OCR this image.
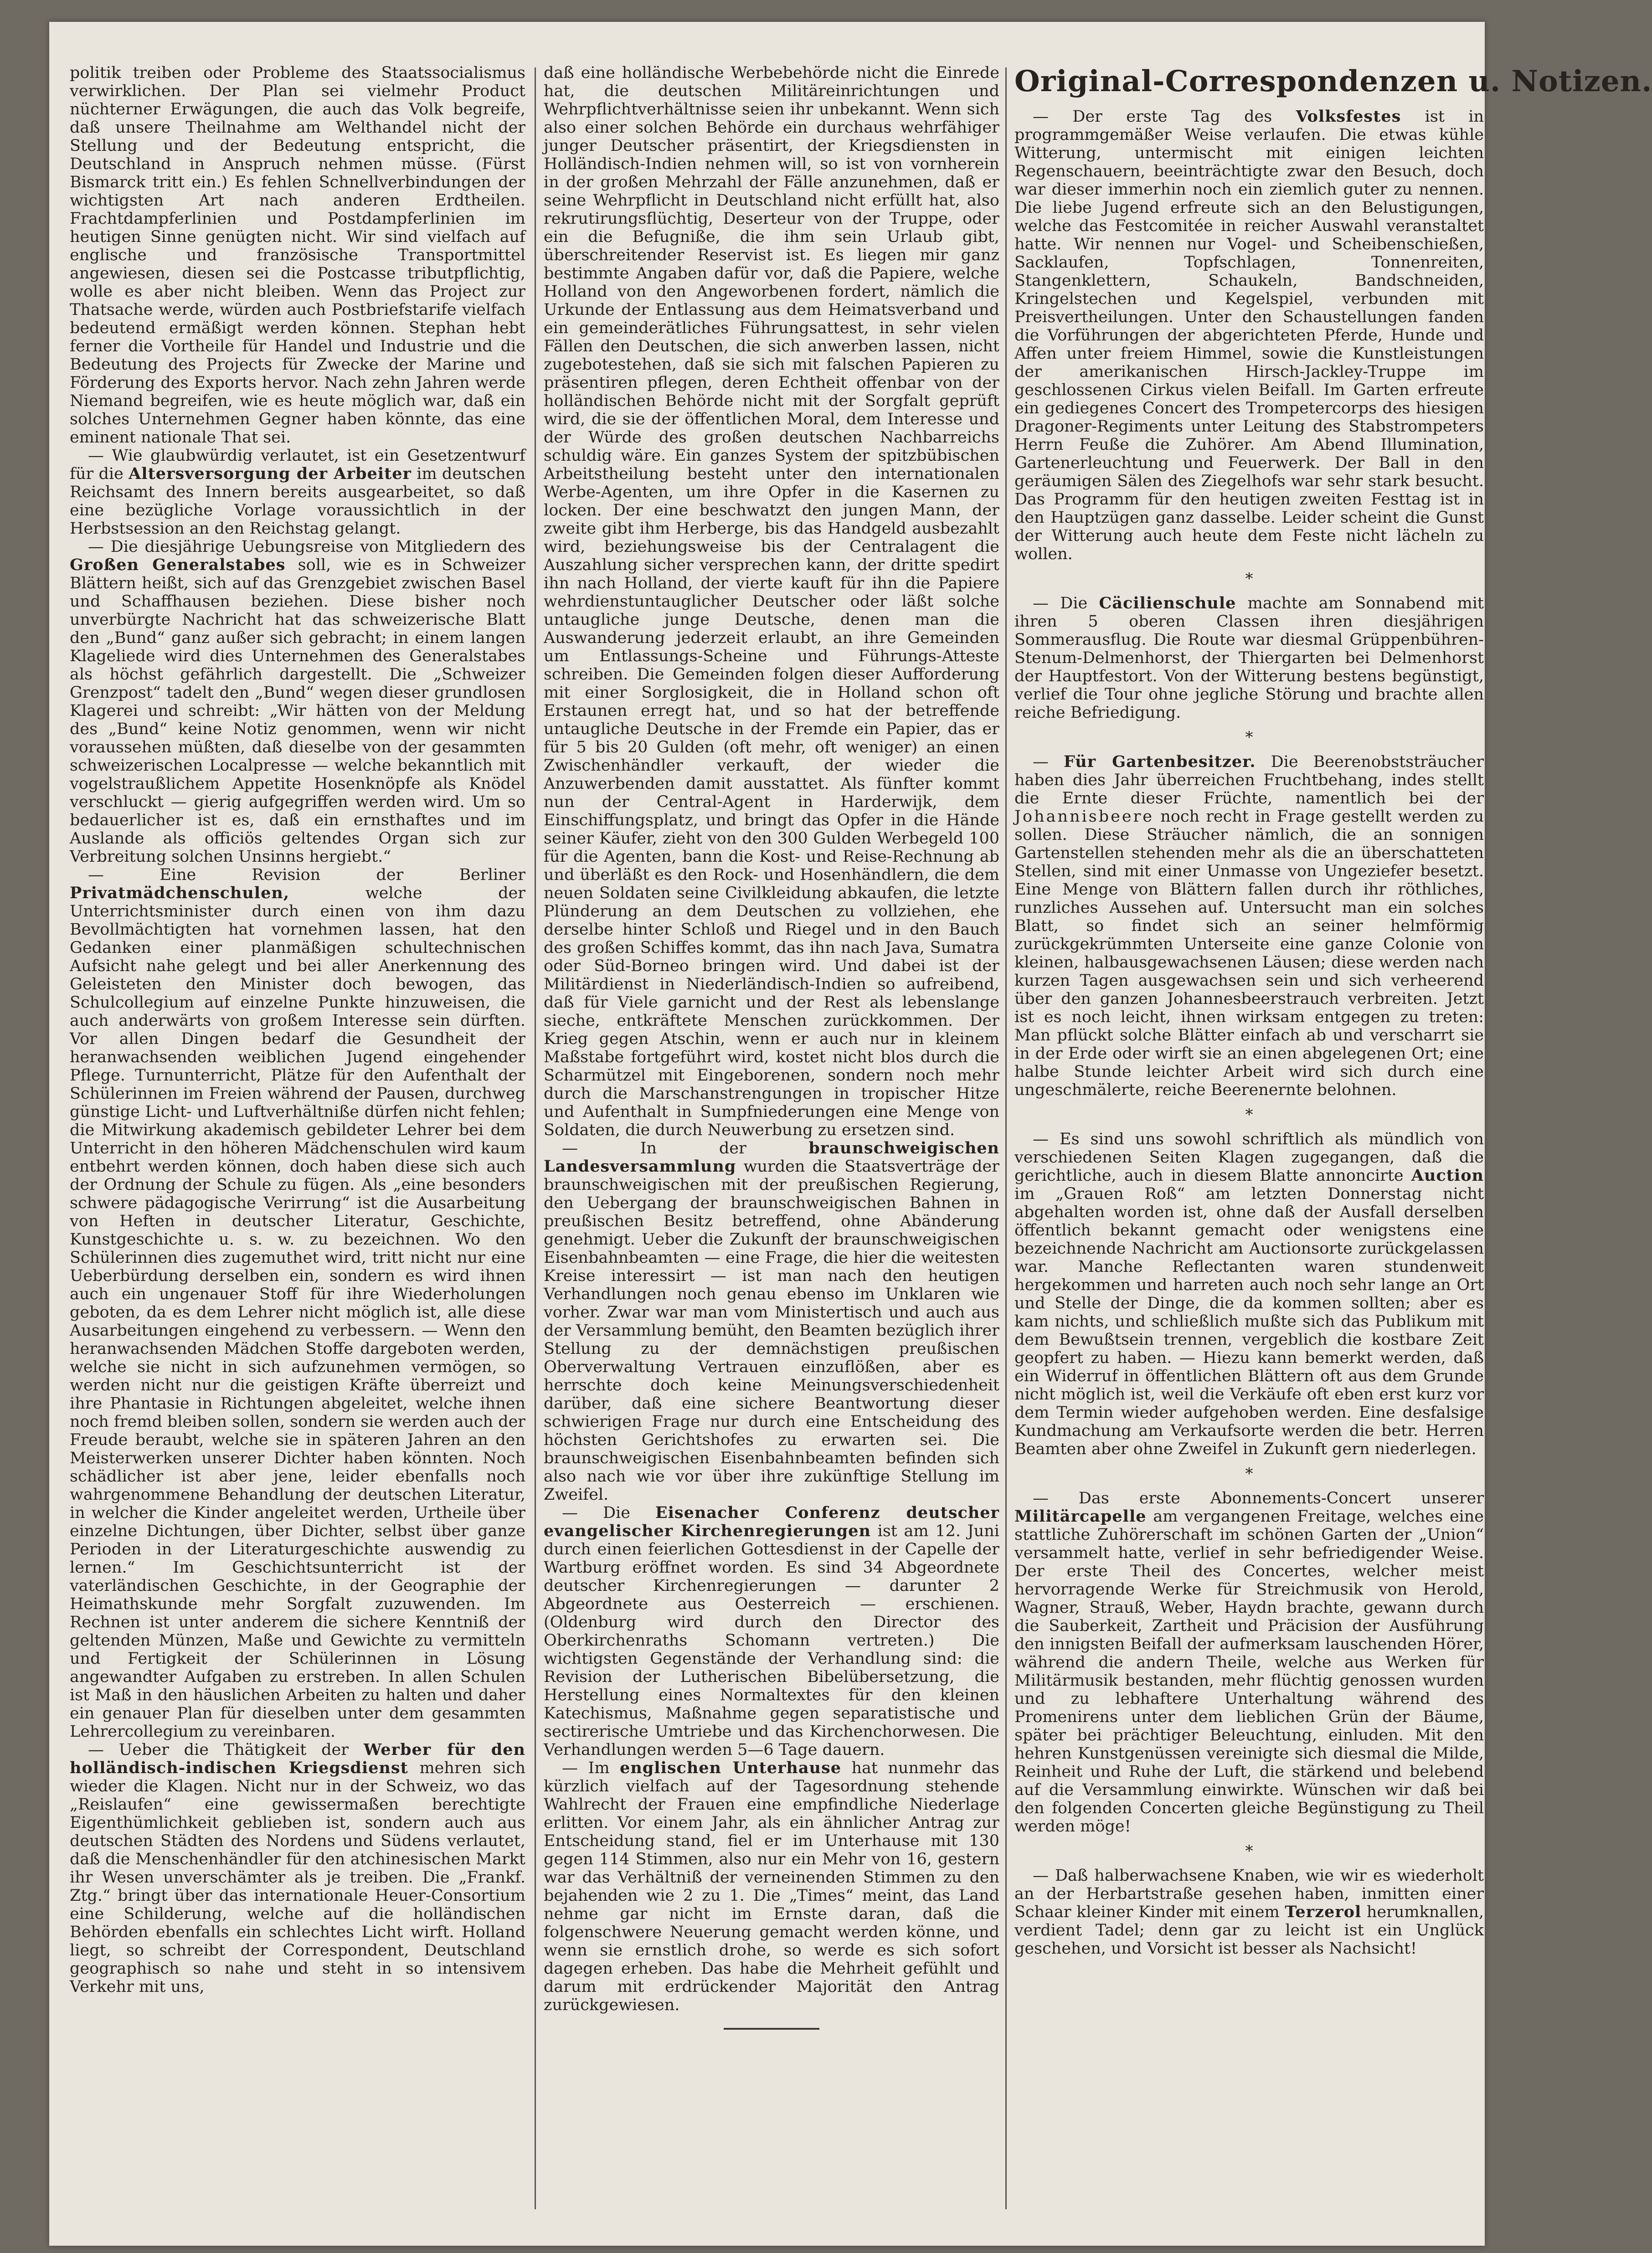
politik treiben oder Probleme des Staatssocialismus verwirklichen. Der Plan sei vielmehr Product nüchterner Erwägungen, die auch das Volk begreife, daß unsere Theilnahme am Welthandel nicht der Stellung und der Bedeutung entspricht, die Deutschland in Anspruch nehmen müsse. (Fürst Bismarck tritt ein.) Es fehlen Schnellverbindungen der wichtigsten Art nach anderen Erdtheilen. Frachtdampferlinien und Postdampferlinien im heutigen Sinne genügten nicht. Wir sind vielfach auf englische und französische Transportmittel angewiesen, diesen sei die Postcasse tributpflichtig, wolle es aber nicht bleiben. Wenn das Project zur Thatsache werde, würden auch Postbriefstarife vielfach bedeutend ermäßigt werden können. Stephan hebt ferner die Vortheile für Handel und Industrie und die Bedeutung des Projects für Zwecke der Marine und Förderung des Exports hervor. Nach zehn Jahren werde Niemand begreifen, wie es heute möglich war, daß ein solches Unternehmen Gegner haben könnte, das eine eminent nationale That sei.

— Wie glaubwürdig verlautet, ist ein Gesetzentwurf für die Altersversorgung der Arbeiter im deutschen Reichsamt des Innern bereits ausgearbeitet, so daß eine bezügliche Vorlage voraussichtlich in der Herbstsession an den Reichstag gelangt.

— Die diesjährige Uebungsreise von Mitgliedern des Großen Generalstabes soll, wie es in Schweizer Blättern heißt, sich auf das Grenzgebiet zwischen Basel und Schaffhausen beziehen. Diese bisher noch unverbürgte Nachricht hat das schweizerische Blatt den „Bund“ ganz außer sich gebracht; in einem langen Klageliede wird dies Unternehmen des Generalstabes als höchst gefährlich dargestellt. Die „Schweizer Grenzpost“ tadelt den „Bund“ wegen dieser grundlosen Klagerei und schreibt: „Wir hätten von der Meldung des „Bund“ keine Notiz genommen, wenn wir nicht voraussehen müßten, daß dieselbe von der gesammten schweizerischen Localpresse — welche bekanntlich mit vogelstraußlichem Appetite Hosenknöpfe als Knödel verschluckt — gierig aufgegriffen werden wird. Um so bedauerlicher ist es, daß ein ernsthaftes und im Auslande als officiös geltendes Organ sich zur Verbreitung solchen Unsinns hergiebt.“

— Eine Revision der Berliner Privatmädchenschulen, welche der Unterrichtsminister durch einen von ihm dazu Bevollmächtigten hat vornehmen lassen, hat den Gedanken einer planmäßigen schultechnischen Aufsicht nahe gelegt und bei aller Anerkennung des Geleisteten den Minister doch bewogen, das Schulcollegium auf einzelne Punkte hinzuweisen, die auch anderwärts von großem Interesse sein dürften. Vor allen Dingen bedarf die Gesundheit der heranwachsenden weiblichen Jugend eingehender Pflege. Turnunterricht, Plätze für den Aufenthalt der Schülerinnen im Freien während der Pausen, durchweg günstige Licht- und Luftverhältniße dürfen nicht fehlen; die Mitwirkung akademisch gebildeter Lehrer bei dem Unterricht in den höheren Mädchenschulen wird kaum entbehrt werden können, doch haben diese sich auch der Ordnung der Schule zu fügen. Als „eine besonders schwere pädagogische Verirrung“ ist die Ausarbeitung von Heften in deutscher Literatur, Geschichte, Kunstgeschichte u. s. w. zu bezeichnen. Wo den Schülerinnen dies zugemuthet wird, tritt nicht nur eine Ueberbürdung derselben ein, sondern es wird ihnen auch ein ungenauer Stoff für ihre Wiederholungen geboten, da es dem Lehrer nicht möglich ist, alle diese Ausarbeitungen eingehend zu verbessern. — Wenn den heranwachsenden Mädchen Stoffe dargeboten werden, welche sie nicht in sich aufzunehmen vermögen, so werden nicht nur die geistigen Kräfte überreizt und ihre Phantasie in Richtungen abgeleitet, welche ihnen noch fremd bleiben sollen, sondern sie werden auch der Freude beraubt, welche sie in späteren Jahren an den Meisterwerken unserer Dichter haben könnten. Noch schädlicher ist aber jene, leider ebenfalls noch wahrgenommene Behandlung der deutschen Literatur, in welcher die Kinder angeleitet werden, Urtheile über einzelne Dichtungen, über Dichter, selbst über ganze Perioden in der Literaturgeschichte auswendig zu lernen.“ Im Geschichtsunterricht ist der vaterländischen Geschichte, in der Geographie der Heimathskunde mehr Sorgfalt zuzuwenden. Im Rechnen ist unter anderem die sichere Kenntniß der geltenden Münzen, Maße und Gewichte zu vermitteln und Fertigkeit der Schülerinnen in Lösung angewandter Aufgaben zu erstreben. In allen Schulen ist Maß in den häuslichen Arbeiten zu halten und daher ein genauer Plan für dieselben unter dem gesammten Lehrercollegium zu vereinbaren.

— Ueber die Thätigkeit der Werber für den holländisch-indischen Kriegsdienst mehren sich wieder die Klagen. Nicht nur in der Schweiz, wo das „Reislaufen“ eine gewissermaßen berechtigte Eigenthümlichkeit geblieben ist, sondern auch aus deutschen Städten des Nordens und Südens verlautet, daß die Menschenhändler für den atchinesischen Markt ihr Wesen unverschämter als je treiben. Die „Frankf. Ztg.“ bringt über das internationale Heuer-Consortium eine Schilderung, welche auf die holländischen Behörden ebenfalls ein schlechtes Licht wirft. Holland liegt, so schreibt der Correspondent, Deutschland geographisch so nahe und steht in so intensivem Verkehr mit uns,

daß eine holländische Werbebehörde nicht die Einrede hat, die deutschen Militäreinrichtungen und Wehrpflichtverhältnisse seien ihr unbekannt. Wenn sich also einer solchen Behörde ein durchaus wehrfähiger junger Deutscher präsentirt, der Kriegsdiensten in Holländisch-Indien nehmen will, so ist von vornherein in der großen Mehrzahl der Fälle anzunehmen, daß er seine Wehrpflicht in Deutschland nicht erfüllt hat, also rekrutirungsflüchtig, Deserteur von der Truppe, oder ein die Befugniße, die ihm sein Urlaub gibt, überschreitender Reservist ist. Es liegen mir ganz bestimmte Angaben dafür vor, daß die Papiere, welche Holland von den Angeworbenen fordert, nämlich die Urkunde der Entlassung aus dem Heimatsverband und ein gemeinderätliches Führungsattest, in sehr vielen Fällen den Deutschen, die sich anwerben lassen, nicht zugebotestehen, daß sie sich mit falschen Papieren zu präsentiren pflegen, deren Echtheit offenbar von der holländischen Behörde nicht mit der Sorgfalt geprüft wird, die sie der öffentlichen Moral, dem Interesse und der Würde des großen deutschen Nachbarreichs schuldig wäre. Ein ganzes System der spitzbübischen Arbeitstheilung besteht unter den internationalen Werbe-Agenten, um ihre Opfer in die Kasernen zu locken. Der eine beschwatzt den jungen Mann, der zweite gibt ihm Herberge, bis das Handgeld ausbezahlt wird, beziehungsweise bis der Centralagent die Auszahlung sicher versprechen kann, der dritte spedirt ihn nach Holland, der vierte kauft für ihn die Papiere wehrdienstuntauglicher Deutscher oder läßt solche untaugliche junge Deutsche, denen man die Auswanderung jederzeit erlaubt, an ihre Gemeinden um Entlassungs-Scheine und Führungs-Atteste schreiben. Die Gemeinden folgen dieser Aufforderung mit einer Sorglosigkeit, die in Holland schon oft Erstaunen erregt hat, und so hat der betreffende untaugliche Deutsche in der Fremde ein Papier, das er für 5 bis 20 Gulden (oft mehr, oft weniger) an einen Zwischenhändler verkauft, der wieder die Anzuwerbenden damit ausstattet. Als fünfter kommt nun der Central-Agent in Harderwijk, dem Einschiffungsplatz, und bringt das Opfer in die Hände seiner Käufer, zieht von den 300 Gulden Werbegeld 100 für die Agenten, bann die Kost- und Reise-Rechnung ab und überläßt es den Rock- und Hosenhändlern, die dem neuen Soldaten seine Civilkleidung abkaufen, die letzte Plünderung an dem Deutschen zu vollziehen, ehe derselbe hinter Schloß und Riegel und in den Bauch des großen Schiffes kommt, das ihn nach Java, Sumatra oder Süd-Borneo bringen wird. Und dabei ist der Militärdienst in Niederländisch-Indien so aufreibend, daß für Viele garnicht und der Rest als lebenslange sieche, entkräftete Menschen zurückkommen. Der Krieg gegen Atschin, wenn er auch nur in kleinem Maßstabe fortgeführt wird, kostet nicht blos durch die Scharmützel mit Eingeborenen, sondern noch mehr durch die Marschanstrengungen in tropischer Hitze und Aufenthalt in Sumpfniederungen eine Menge von Soldaten, die durch Neuwerbung zu ersetzen sind.

— In der braunschweigischen Landesversammlung wurden die Staatsverträge der braunschweigischen mit der preußischen Regierung, den Uebergang der braunschweigischen Bahnen in preußischen Besitz betreffend, ohne Abänderung genehmigt. Ueber die Zukunft der braunschweigischen Eisenbahnbeamten — eine Frage, die hier die weitesten Kreise interessirt — ist man nach den heutigen Verhandlungen noch genau ebenso im Unklaren wie vorher. Zwar war man vom Ministertisch und auch aus der Versammlung bemüht, den Beamten bezüglich ihrer Stellung zu der demnächstigen preußischen Oberverwaltung Vertrauen einzuflößen, aber es herrschte doch keine Meinungsverschiedenheit darüber, daß eine sichere Beantwortung dieser schwierigen Frage nur durch eine Entscheidung des höchsten Gerichtshofes zu erwarten sei. Die braunschweigischen Eisenbahnbeamten befinden sich also nach wie vor über ihre zukünftige Stellung im Zweifel.

— Die Eisenacher Conferenz deutscher evangelischer Kirchenregierungen ist am 12. Juni durch einen feierlichen Gottesdienst in der Capelle der Wartburg eröffnet worden. Es sind 34 Abgeordnete deutscher Kirchenregierungen — darunter 2 Abgeordnete aus Oesterreich — erschienen. (Oldenburg wird durch den Director des Oberkirchenraths Schomann vertreten.) Die wichtigsten Gegenstände der Verhandlung sind: die Revision der Lutherischen Bibelübersetzung, die Herstellung eines Normaltextes für den kleinen Katechismus, Maßnahme gegen separatistische und sectirerische Umtriebe und das Kirchenchorwesen. Die Verhandlungen werden 5—6 Tage dauern.

— Im englischen Unterhause hat nunmehr das kürzlich vielfach auf der Tagesordnung stehende Wahlrecht der Frauen eine empfindliche Niederlage erlitten. Vor einem Jahr, als ein ähnlicher Antrag zur Entscheidung stand, fiel er im Unterhause mit 130 gegen 114 Stimmen, also nur ein Mehr von 16, gestern war das Verhältniß der verneinenden Stimmen zu den bejahenden wie 2 zu 1. Die „Times“ meint, das Land nehme gar nicht im Ernste daran, daß die folgenschwere Neuerung gemacht werden könne, und wenn sie ernstlich drohe, so werde es sich sofort dagegen erheben. Das habe die Mehrheit gefühlt und darum mit erdrückender Majorität den Antrag zurückgewiesen.

Original-Correspondenzen u. Notizen.

— Der erste Tag des Volksfestes ist in programmgemäßer Weise verlaufen. Die etwas kühle Witterung, untermischt mit einigen leichten Regenschauern, beeinträchtigte zwar den Besuch, doch war dieser immerhin noch ein ziemlich guter zu nennen. Die liebe Jugend erfreute sich an den Belustigungen, welche das Festcomitée in reicher Auswahl veranstaltet hatte. Wir nennen nur Vogel- und Scheibenschießen, Sacklaufen, Topfschlagen, Tonnenreiten, Stangenklettern, Schaukeln, Bandschneiden, Kringelstechen und Kegelspiel, verbunden mit Preisvertheilungen. Unter den Schaustellungen fanden die Vorführungen der abgerichteten Pferde, Hunde und Affen unter freiem Himmel, sowie die Kunstleistungen der amerikanischen Hirsch-Jackley-Truppe im geschlossenen Cirkus vielen Beifall. Im Garten erfreute ein gediegenes Concert des Trompetercorps des hiesigen Dragoner-Regiments unter Leitung des Stabstrompeters Herrn Feuße die Zuhörer. Am Abend Illumination, Gartenerleuchtung und Feuerwerk. Der Ball in den geräumigen Sälen des Ziegelhofs war sehr stark besucht. Das Programm für den heutigen zweiten Festtag ist in den Hauptzügen ganz dasselbe. Leider scheint die Gunst der Witterung auch heute dem Feste nicht lächeln zu wollen.

*

— Die Cäcilienschule machte am Sonnabend mit ihren 5 oberen Classen ihren diesjährigen Sommerausflug. Die Route war diesmal Grüppenbühren-Stenum-Delmenhorst, der Thiergarten bei Delmenhorst der Hauptfestort. Von der Witterung bestens begünstigt, verlief die Tour ohne jegliche Störung und brachte allen reiche Befriedigung.

*

— Für Gartenbesitzer. Die Beerenobststräucher haben dies Jahr überreichen Fruchtbehang, indes stellt die Ernte dieser Früchte, namentlich bei der Johannisbeere noch recht in Frage gestellt werden zu sollen. Diese Sträucher nämlich, die an sonnigen Gartenstellen stehenden mehr als die an überschatteten Stellen, sind mit einer Unmasse von Ungeziefer besetzt. Eine Menge von Blättern fallen durch ihr röthliches, runzliches Aussehen auf. Untersucht man ein solches Blatt, so findet sich an seiner helmförmig zurückgekrümmten Unterseite eine ganze Colonie von kleinen, halbausgewachsenen Läusen; diese werden nach kurzen Tagen ausgewachsen sein und sich verheerend über den ganzen Johannesbeerstrauch verbreiten. Jetzt ist es noch leicht, ihnen wirksam entgegen zu treten: Man pflückt solche Blätter einfach ab und verscharrt sie in der Erde oder wirft sie an einen abgelegenen Ort; eine halbe Stunde leichter Arbeit wird sich durch eine ungeschmälerte, reiche Beerenernte belohnen.

*

— Es sind uns sowohl schriftlich als mündlich von verschiedenen Seiten Klagen zugegangen, daß die gerichtliche, auch in diesem Blatte annoncirte Auction im „Grauen Roß“ am letzten Donnerstag nicht abgehalten worden ist, ohne daß der Ausfall derselben öffentlich bekannt gemacht oder wenigstens eine bezeichnende Nachricht am Auctionsorte zurückgelassen war. Manche Reflectanten waren stundenweit hergekommen und harreten auch noch sehr lange an Ort und Stelle der Dinge, die da kommen sollten; aber es kam nichts, und schließlich mußte sich das Publikum mit dem Bewußtsein trennen, vergeblich die kostbare Zeit geopfert zu haben. — Hiezu kann bemerkt werden, daß ein Widerruf in öffentlichen Blättern oft aus dem Grunde nicht möglich ist, weil die Verkäufe oft eben erst kurz vor dem Termin wieder aufgehoben werden. Eine desfalsige Kundmachung am Verkaufsorte werden die betr. Herren Beamten aber ohne Zweifel in Zukunft gern niederlegen.

*

— Das erste Abonnements-Concert unserer Militärcapelle am vergangenen Freitage, welches eine stattliche Zuhörerschaft im schönen Garten der „Union“ versammelt hatte, verlief in sehr befriedigender Weise. Der erste Theil des Concertes, welcher meist hervorragende Werke für Streichmusik von Herold, Wagner, Strauß, Weber, Haydn brachte, gewann durch die Sauberkeit, Zartheit und Präcision der Ausführung den innigsten Beifall der aufmerksam lauschenden Hörer, während die andern Theile, welche aus Werken für Militärmusik bestanden, mehr flüchtig genossen wurden und zu lebhaftere Unterhaltung während des Promenirens unter dem lieblichen Grün der Bäume, später bei prächtiger Beleuchtung, einluden. Mit den hehren Kunstgenüssen vereinigte sich diesmal die Milde, Reinheit und Ruhe der Luft, die stärkend und belebend auf die Versammlung einwirkte. Wünschen wir daß bei den folgenden Concerten gleiche Begünstigung zu Theil werden möge!

*

— Daß halberwachsene Knaben, wie wir es wiederholt an der Herbartstraße gesehen haben, inmitten einer Schaar kleiner Kinder mit einem Terzerol herumknallen, verdient Tadel; denn gar zu leicht ist ein Unglück geschehen, und Vorsicht ist besser als Nachsicht!
